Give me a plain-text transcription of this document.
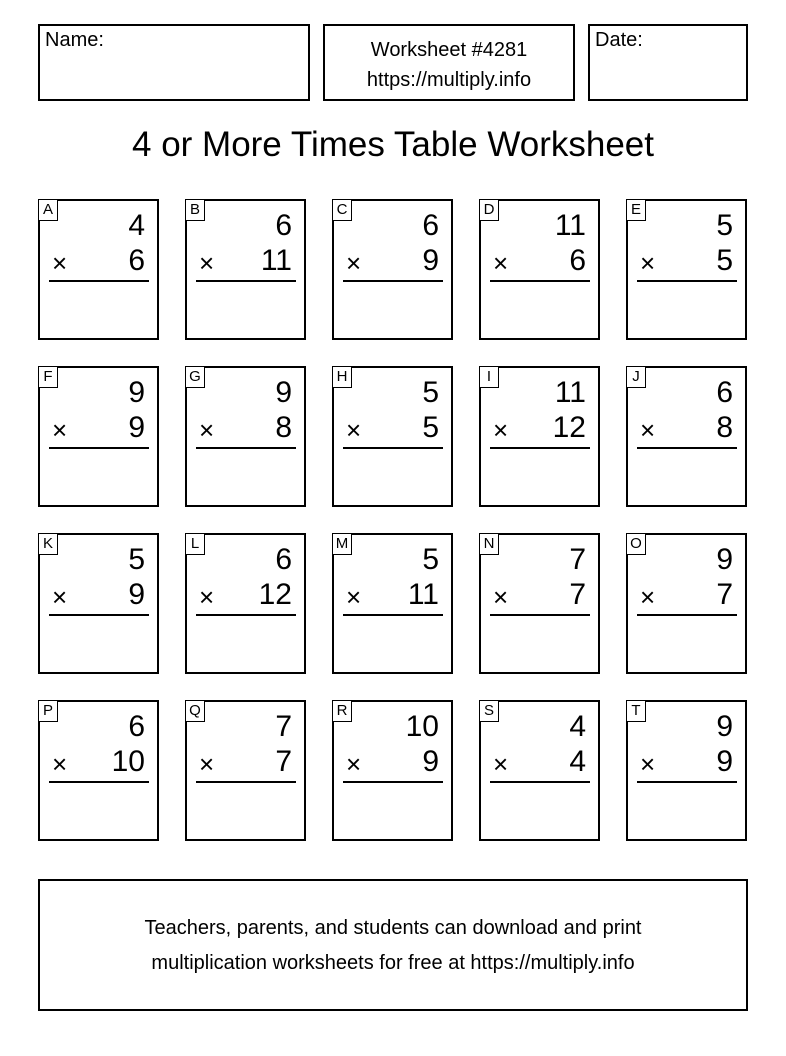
Name:	Worksheet #4281
https://multiply.info
Date:
4 or More Times Table Worksheet
A	4
× 6
B	6
× 11
C 6
× 9
D 11
× 6
E	5
× 5
F	9
× 9
G 9
× 8
H 5
× 5
I 11
× 12
J	6
× 8
K	5
× 9
L	6
× 12
M 5
× 11
N 7
× 7
O 9
× 7
P	6
× 10
Q 7
× 7
R 10
× 9
S	4
× 4
T	9
× 9
Teachers, parents, and students can download and print
multiplication worksheets for free at https://multiply.info
